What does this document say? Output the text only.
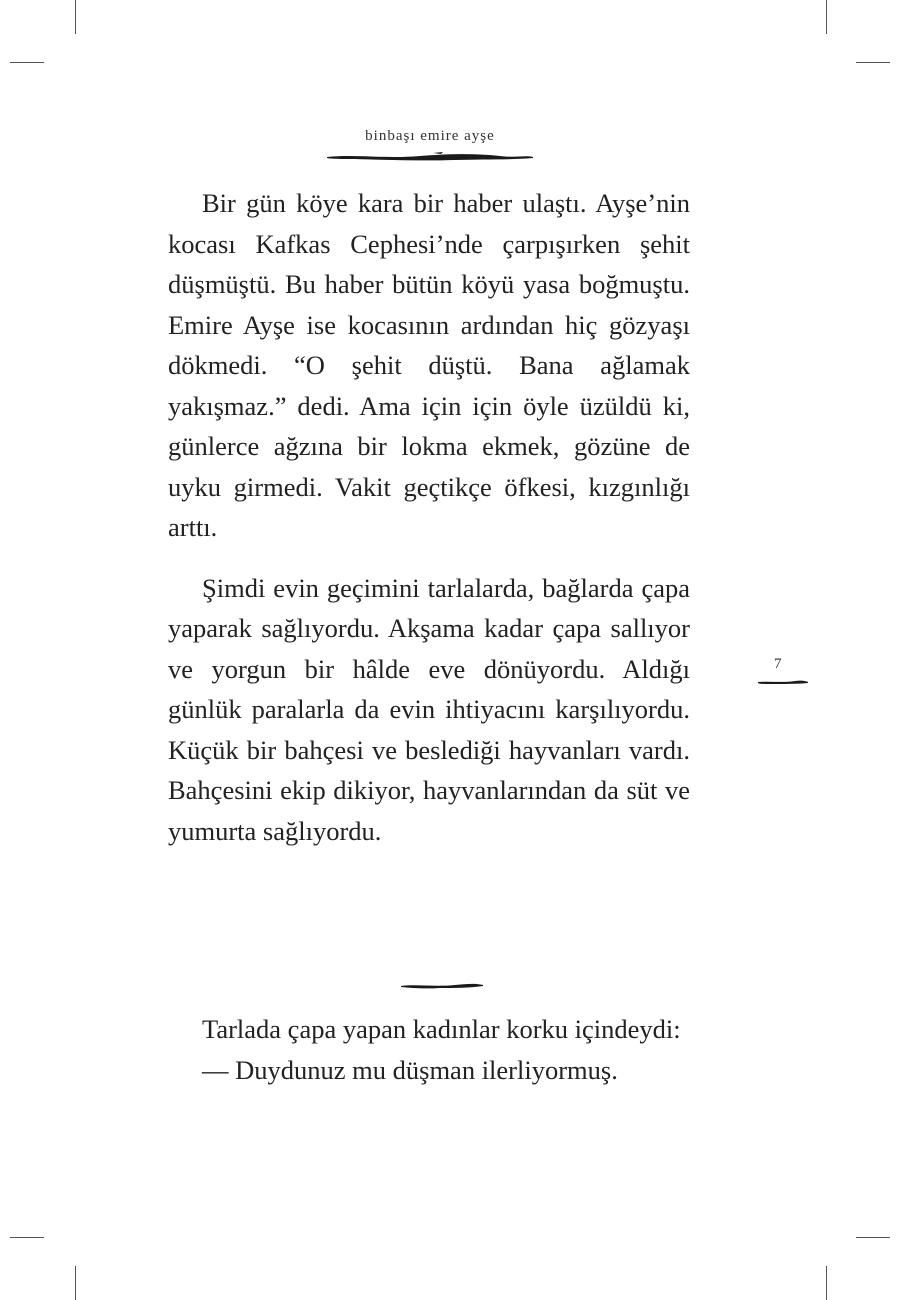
binbaşı emire ayşe

Bir gün köye kara bir haber ulaştı. Ayşe’nin kocası Kafkas Cephesi’nde çarpışırken şehit düşmüştü. Bu haber bütün köyü yasa boğmuştu. Emire Ayşe ise kocasının ardından hiç gözyaşı dökmedi. “O şehit düştü. Bana ağlamak yakışmaz.” dedi. Ama için için öyle üzüldü ki, günlerce ağzına bir lokma ekmek, gözüne de uyku girmedi. Vakit geçtikçe öfkesi, kızgınlığı arttı.

Şimdi evin geçimini tarlalarda, bağlarda çapa yaparak sağlıyordu. Akşama kadar çapa sallıyor ve yorgun bir hâlde eve dönüyordu. Aldığı günlük paralarla da evin ihtiyacını karşılıyordu. Küçük bir bahçesi ve beslediği hayvanları vardı. Bahçesini ekip dikiyor, hayvanlarından da süt ve yumurta sağlıyordu.

Tarlada çapa yapan kadınlar korku içindeydi:

— Duydunuz mu düşman ilerliyormuş.

7
